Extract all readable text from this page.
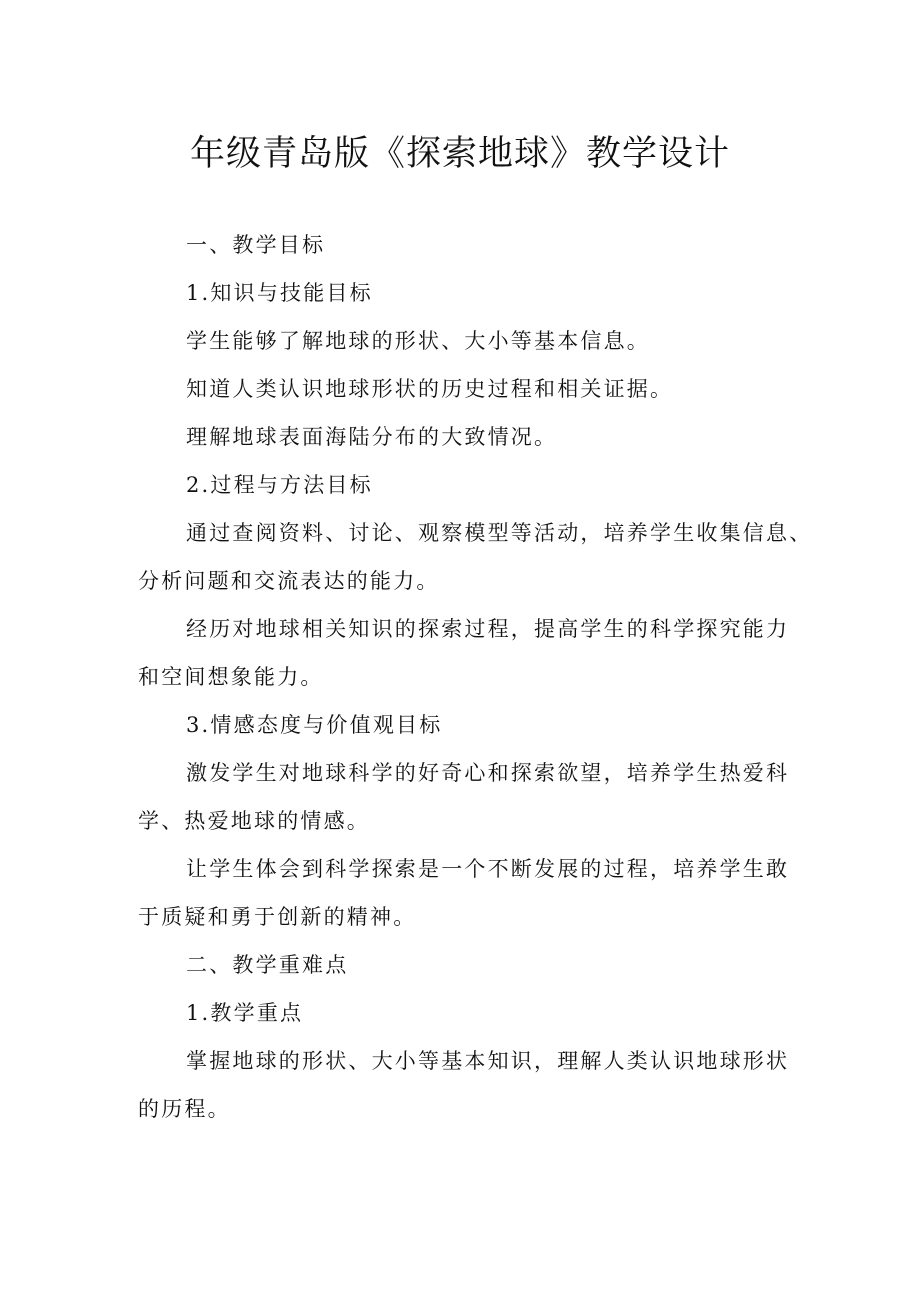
年级青岛版《探索地球》教学设计

一、教学目标

1.知识与技能目标

学生能够了解地球的形状、大小等基本信息。

知道人类认识地球形状的历史过程和相关证据。

理解地球表面海陆分布的大致情况。

2.过程与方法目标

通过查阅资料、讨论、观察模型等活动，培养学生收集信息、

分析问题和交流表达的能力。

经历对地球相关知识的探索过程，提高学生的科学探究能力

和空间想象能力。

3.情感态度与价值观目标

激发学生对地球科学的好奇心和探索欲望，培养学生热爱科

学、热爱地球的情感。

让学生体会到科学探索是一个不断发展的过程，培养学生敢

于质疑和勇于创新的精神。

二、教学重难点

1.教学重点

掌握地球的形状、大小等基本知识，理解人类认识地球形状

的历程。
